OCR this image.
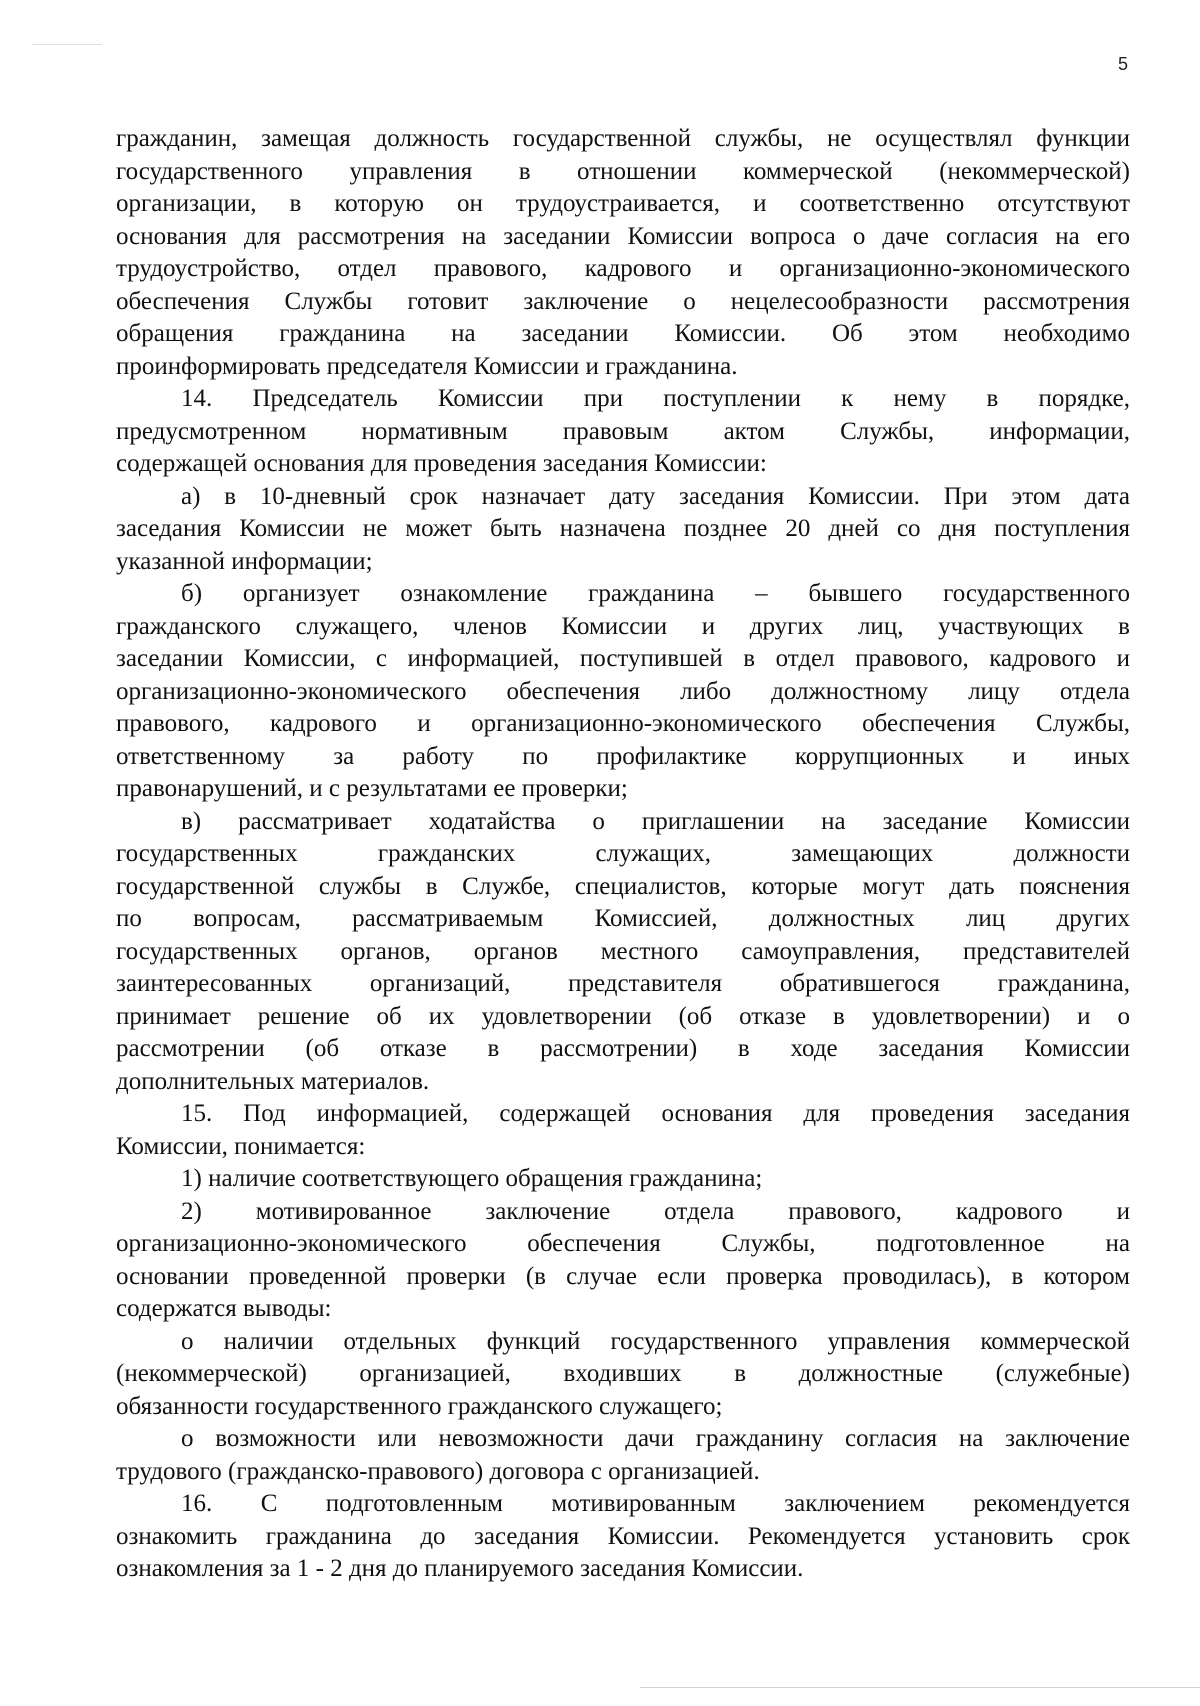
5
гражданин, замещая должность государственной службы, не осуществлял функции
государственного управления в отношении коммерческой (некоммерческой)
организации, в которую он трудоустраивается, и соответственно отсутствуют
основания для рассмотрения на заседании Комиссии вопроса о даче согласия на его
трудоустройство, отдел правового, кадрового и организационно-экономического
обеспечения Службы готовит заключение о нецелесообразности рассмотрения
обращения гражданина на заседании Комиссии. Об этом необходимо
проинформировать председателя Комиссии и гражданина.
14. Председатель Комиссии при поступлении к нему в порядке,
предусмотренном нормативным правовым актом Службы, информации,
содержащей основания для проведения заседания Комиссии:
а) в 10-дневный срок назначает дату заседания Комиссии. При этом дата
заседания Комиссии не может быть назначена позднее 20 дней со дня поступления
указанной информации;
б) организует ознакомление гражданина – бывшего государственного
гражданского служащего, членов Комиссии и других лиц, участвующих в
заседании Комиссии, с информацией, поступившей в отдел правового, кадрового и
организационно-экономического обеспечения либо должностному лицу отдела
правового, кадрового и организационно-экономического обеспечения Службы,
ответственному за работу по профилактике коррупционных и иных
правонарушений, и с результатами ее проверки;
в) рассматривает ходатайства о приглашении на заседание Комиссии
государственных гражданских служащих, замещающих должности
государственной службы в Службе, специалистов, которые могут дать пояснения
по вопросам, рассматриваемым Комиссией, должностных лиц других
государственных органов, органов местного самоуправления, представителей
заинтересованных организаций, представителя обратившегося гражданина,
принимает решение об их удовлетворении (об отказе в удовлетворении) и о
рассмотрении (об отказе в рассмотрении) в ходе заседания Комиссии
дополнительных материалов.
15. Под информацией, содержащей основания для проведения заседания
Комиссии, понимается:
1) наличие соответствующего обращения гражданина;
2) мотивированное заключение отдела правового, кадрового и
организационно-экономического обеспечения Службы, подготовленное на
основании проведенной проверки (в случае если проверка проводилась), в котором
содержатся выводы:
о наличии отдельных функций государственного управления коммерческой
(некоммерческой) организацией, входивших в должностные (служебные)
обязанности государственного гражданского служащего;
о возможности или невозможности дачи гражданину согласия на заключение
трудового (гражданско-правового) договора с организацией.
16. С подготовленным мотивированным заключением рекомендуется
ознакомить гражданина до заседания Комиссии. Рекомендуется установить срок
ознакомления за 1 - 2 дня до планируемого заседания Комиссии.
